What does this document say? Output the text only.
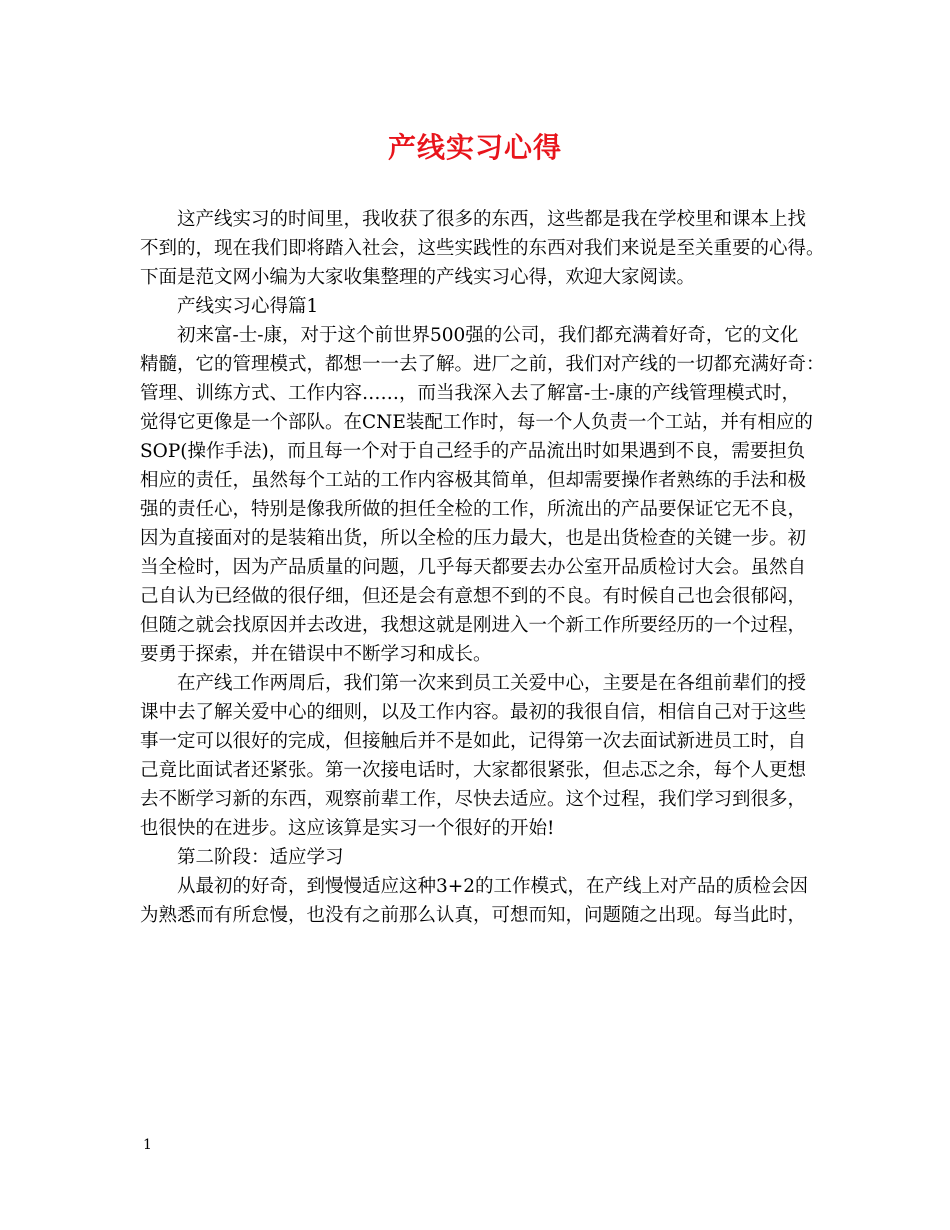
产线实习心得

这产线实习的时间里，我收获了很多的东西，这些都是我在学校里和课本上找

不到的，现在我们即将踏入社会，这些实践性的东西对我们来说是至关重要的心得。

下面是范文网小编为大家收集整理的产线实习心得，欢迎大家阅读。

产线实习心得篇1

初来富-士-康，对于这个前世界500强的公司，我们都充满着好奇，它的文化

精髓，它的管理模式，都想一一去了解。进厂之前，我们对产线的一切都充满好奇：

管理、训练方式、工作内容……，而当我深入去了解富-士-康的产线管理模式时，

觉得它更像是一个部队。在CNE装配工作时，每一个人负责一个工站，并有相应的

SOP(操作手法)，而且每一个对于自己经手的产品流出时如果遇到不良，需要担负

相应的责任，虽然每个工站的工作内容极其简单，但却需要操作者熟练的手法和极

强的责任心，特别是像我所做的担任全检的工作，所流出的产品要保证它无不良，

因为直接面对的是装箱出货，所以全检的压力最大，也是出货检查的关键一步。初

当全检时，因为产品质量的问题，几乎每天都要去办公室开品质检讨大会。虽然自

己自认为已经做的很仔细，但还是会有意想不到的不良。有时候自己也会很郁闷，

但随之就会找原因并去改进，我想这就是刚进入一个新工作所要经历的一个过程，

要勇于探索，并在错误中不断学习和成长。

在产线工作两周后，我们第一次来到员工关爱中心，主要是在各组前辈们的授

课中去了解关爱中心的细则，以及工作内容。最初的我很自信，相信自己对于这些

事一定可以很好的完成，但接触后并不是如此，记得第一次去面试新进员工时，自

己竟比面试者还紧张。第一次接电话时，大家都很紧张，但忐忑之余，每个人更想

去不断学习新的东西，观察前辈工作，尽快去适应。这个过程，我们学习到很多，

也很快的在进步。这应该算是实习一个很好的开始!

第二阶段：适应学习

从最初的好奇，到慢慢适应这种3+2的工作模式，在产线上对产品的质检会因

为熟悉而有所怠慢，也没有之前那么认真，可想而知，问题随之出现。每当此时，

1
